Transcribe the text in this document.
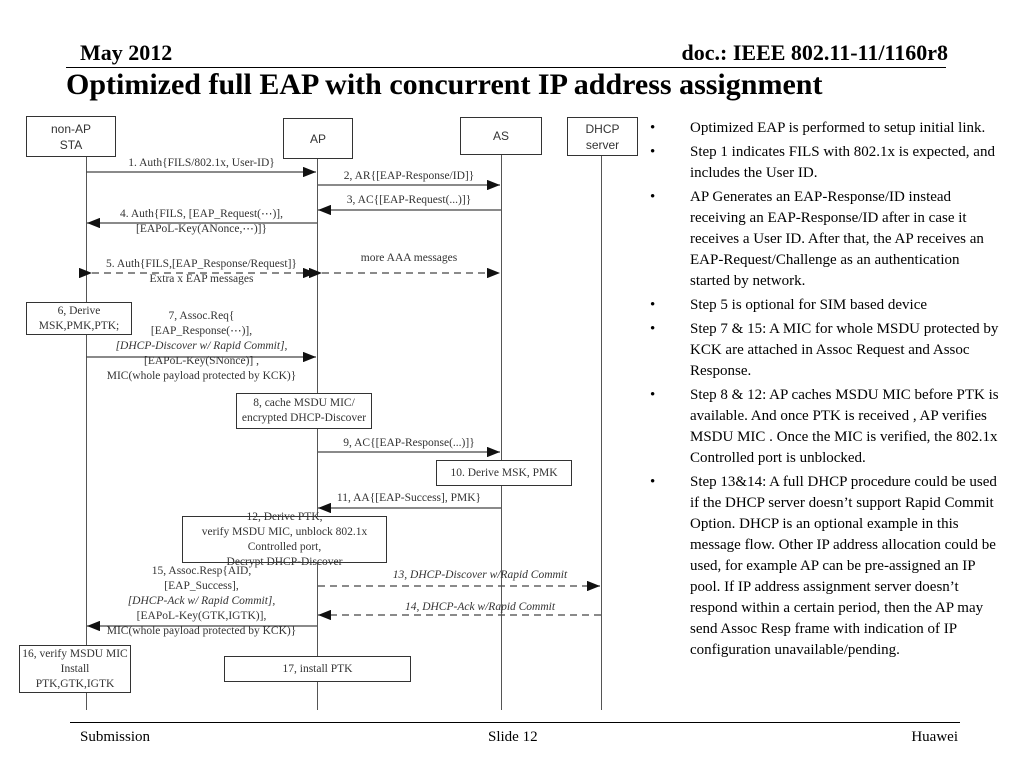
May 2012	doc.: IEEE 802.11-11/1160r8
Optimized full EAP with concurrent IP address assignment
non-AP
STA	AP	AS
DHCP
server
1. Auth{FILS/802.1x, User-ID}
2, AR{[EAP-Response/ID]}
3, AC{[EAP-Request(...)]}
4. Auth{FILS, [EAP_Request(⋯)],
[EAPoL-Key(ANonce,⋯)]}
5. Auth{FILS,[EAP_Response/Request]}
Extra x EAP messages
more AAA messages
6, Derive
MSK,PMK,PTK;
7, Assoc.Req{
[EAP_Response(⋯)],
[DHCP-Discover w/ Rapid Commit],
[EAPoL-Key(SNonce)] ,
MIC(whole payload protected by KCK)}
8, cache MSDU MIC/
encrypted DHCP-Discover
9, AC{[EAP-Response(...)]}
10. Derive MSK, PMK
11, AA{[EAP-Success], PMK}
12, Derive PTK,
verify MSDU MIC, unblock 802.1x Controlled port,
Decrypt DHCP-Discover
13, DHCP-Discover w/Rapid Commit
14, DHCP-Ack w/Rapid Commit
15, Assoc.Resp{AID,
[EAP_Success],
[DHCP-Ack w/ Rapid Commit],
[EAPoL-Key(GTK,IGTK)],
MIC(whole payload protected by KCK)}
16, verify MSDU MIC
Install PTK,GTK,IGTK
17, install PTK
•	Optimized EAP is performed to setup initial link.
•	Step 1 indicates FILS with 802.1x is expected, and includes the User ID.
•	AP Generates an EAP-Response/ID instead receiving an EAP-Response/ID after in case it receives a User ID. After that, the AP receives an EAP-Request/Challenge as an authentication started by network.
•	Step 5 is optional for SIM based device
•	Step 7 & 15: A MIC for whole MSDU protected by KCK are attached in Assoc Request and Assoc Response.
•	Step 8 & 12: AP caches MSDU MIC before PTK is available. And once PTK is received , AP verifies MSDU MIC . Once the MIC is verified, the 802.1x Controlled port is unblocked.
•	Step 13&14: A full DHCP procedure could be used if the DHCP server doesn’t support Rapid Commit Option. DHCP is an optional example in this message flow. Other IP address allocation could be used, for example AP can be pre-assigned an IP pool. If IP address assignment server doesn’t respond within a certain period, then the AP may send Assoc Resp frame with indication of IP configuration unavailable/pending.
Submission	Slide 12	Huawei
